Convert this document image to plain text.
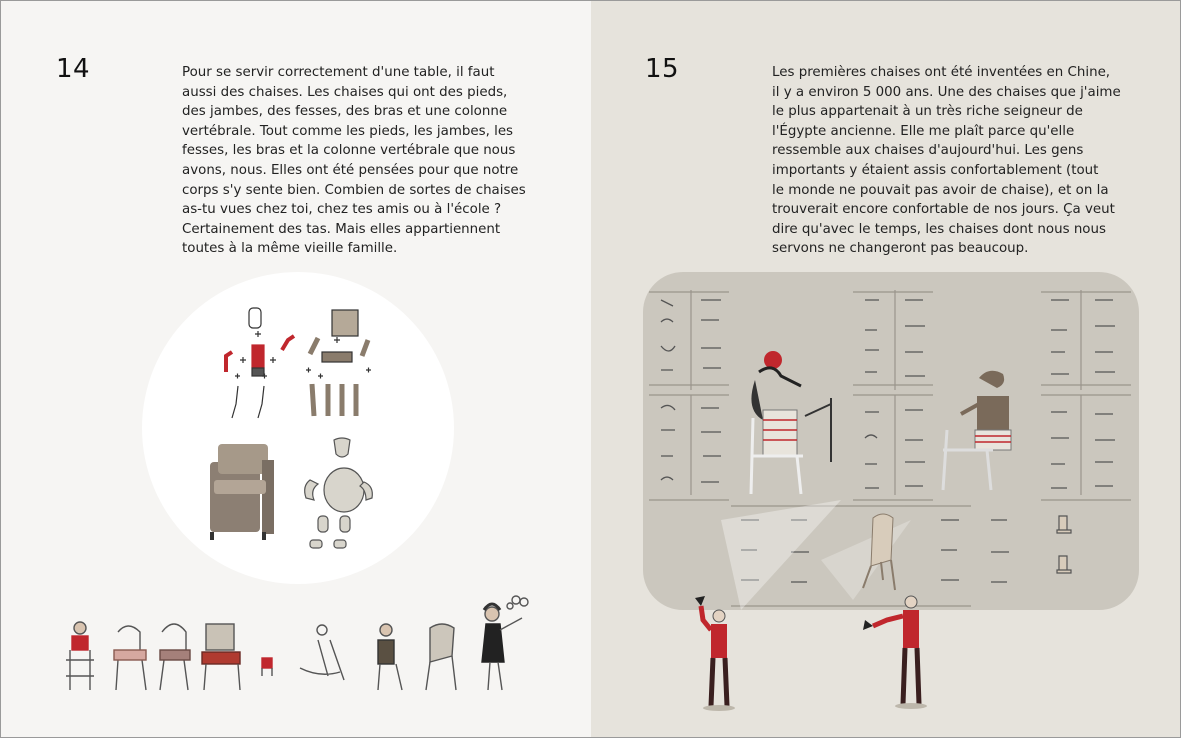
14	Pour se servir correctement d'une table, il faut
aussi des chaises. Les chaises qui ont des pieds,
des jambes, des fesses, des bras et une colonne
vertébrale. Tout comme les pieds, les jambes, les
fesses, les bras et la colonne vertébrale que nous
avons, nous. Elles ont été pensées pour que notre
corps s'y sente bien. Combien de sortes de chaises
as-tu vues chez toi, chez tes amis ou à l'école ?
Certainement des tas. Mais elles appartiennent
toutes à la même vieille famille.
15	Les premières chaises ont été inventées en Chine,
il y a environ 5 000 ans. Une des chaises que j'aime
le plus appartenait à un très riche seigneur de
l'Égypte ancienne. Elle me plaît parce qu'elle
ressemble aux chaises d'aujourd'hui. Les gens
importants y étaient assis confortablement (tout
le monde ne pouvait pas avoir de chaise), et on la
trouverait encore confortable de nos jours. Ça veut
dire qu'avec le temps, les chaises dont nous nous
servons ne changeront pas beaucoup.
